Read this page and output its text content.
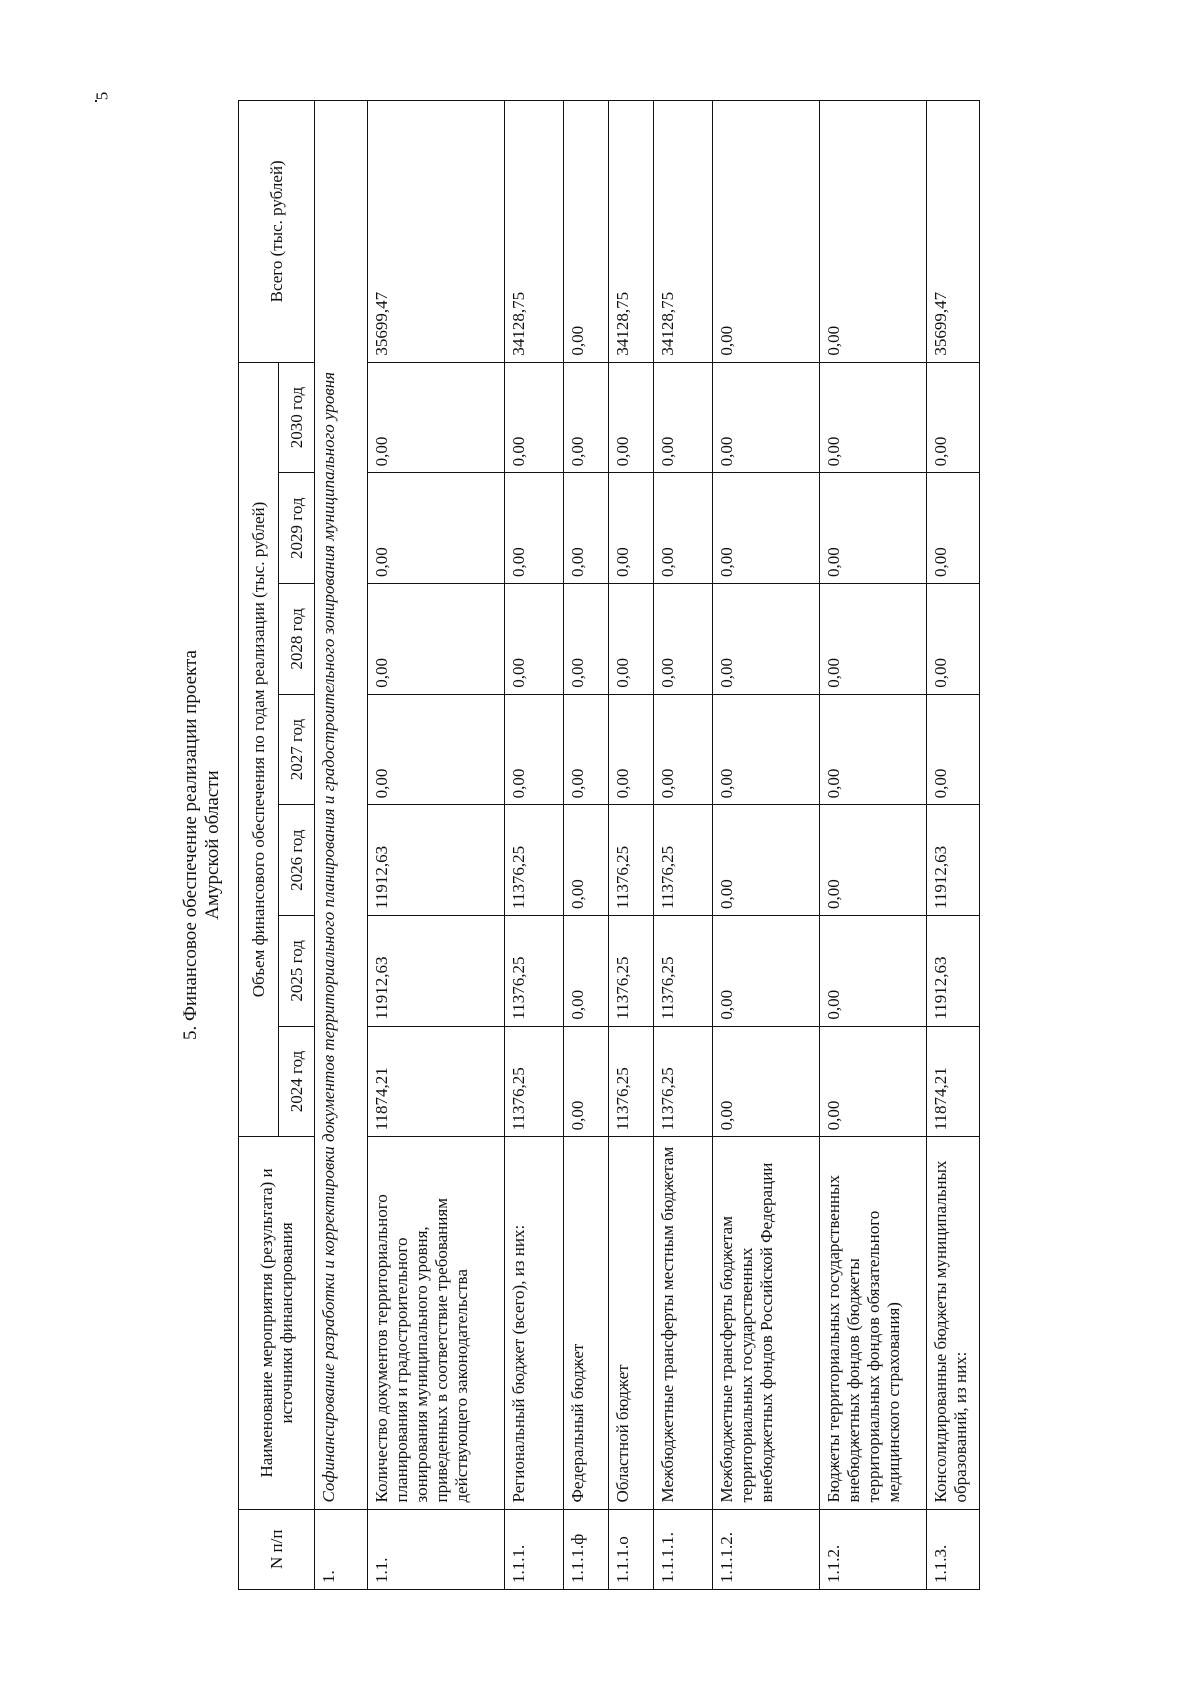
5
5. Финансовое обеспечение реализации проекта Амурской области
N п/п	Наименование мероприятия (результата) и источники финансирования	Объем финансового обеспечения по годам реализации (тыс. рублей)							Всего (тыс. рублей)
		2024 год	2025 год	2026 год	2027 год	2028 год	2029 год	2030 год	
1.	Софинансирование разработки и корректировки документов территориального планирования и градостроительного зонирования муниципального уровня								
1.1.	Количество документов территориального планирования и градостроительного зонирования муниципального уровня, приведенных в соответствие требованиям действующего законодательства	11874,21	11912,63	11912,63	0,00	0,00	0,00	0,00	35699,47
1.1.1.	Региональный бюджет (всего), из них:	11376,25	11376,25	11376,25	0,00	0,00	0,00	0,00	34128,75
1.1.1.ф	Федеральный бюджет	0,00	0,00	0,00	0,00	0,00	0,00	0,00	0,00
1.1.1.о	Областной бюджет	11376,25	11376,25	11376,25	0,00	0,00	0,00	0,00	34128,75
1.1.1.1.	Межбюджетные трансферты местным бюджетам	11376,25	11376,25	11376,25	0,00	0,00	0,00	0,00	34128,75
1.1.1.2.	Межбюджетные трансферты бюджетам территориальных государственных внебюджетных фондов Российской Федерации	0,00	0,00	0,00	0,00	0,00	0,00	0,00	0,00
1.1.2.	Бюджеты территориальных государственных внебюджетных фондов (бюджеты территориальных фондов обязательного медицинского страхования)	0,00	0,00	0,00	0,00	0,00	0,00	0,00	0,00
1.1.3.	Консолидированные бюджеты муниципальных образований, из них:	11874,21	11912,63	11912,63	0,00	0,00	0,00	0,00	35699,47
